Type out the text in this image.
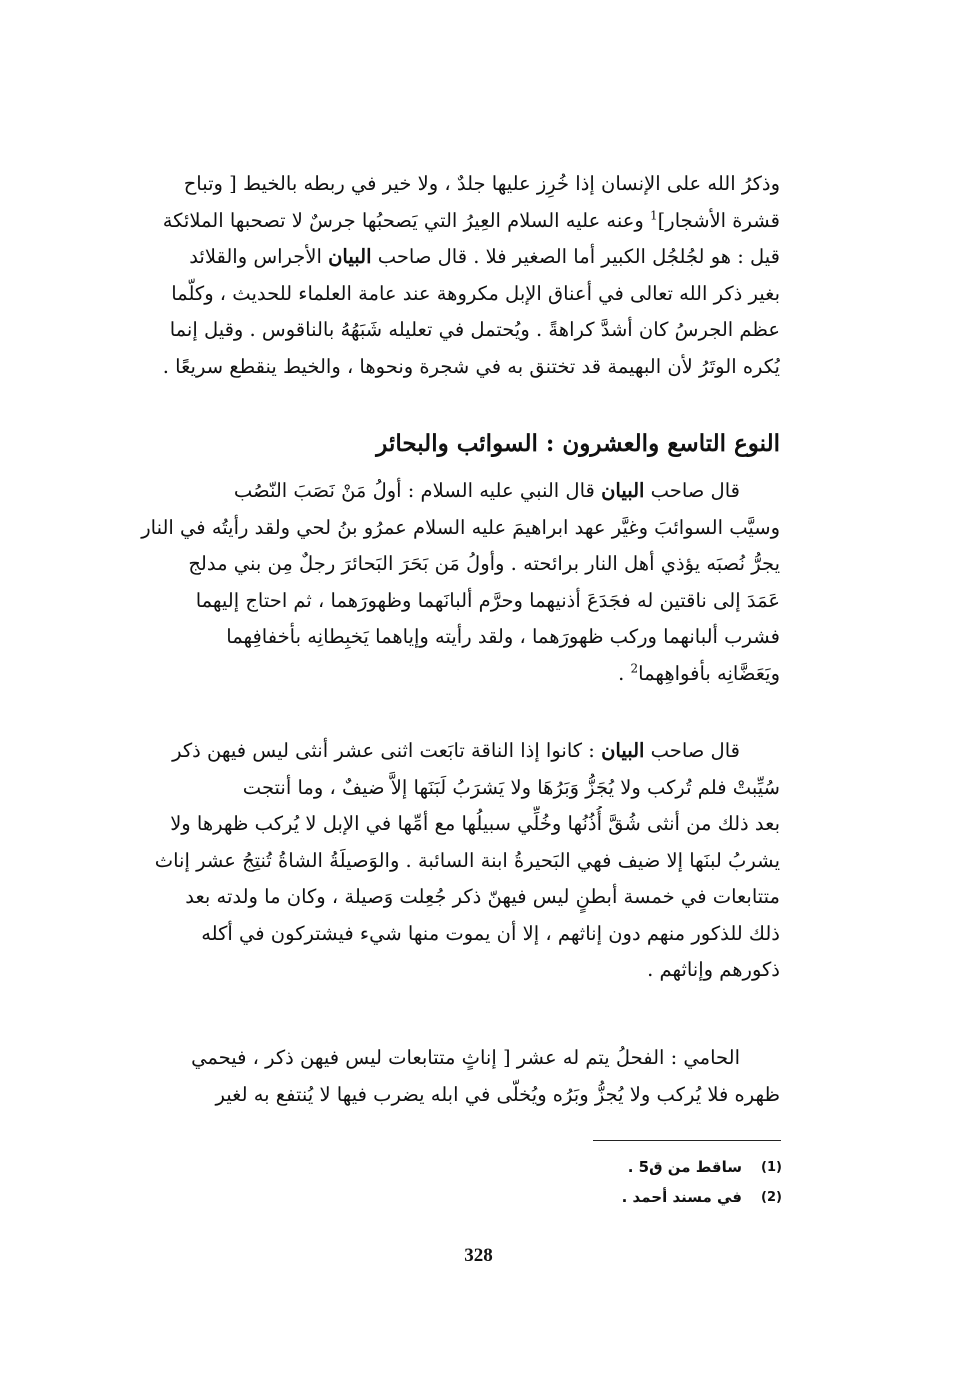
وذكرُ الله على الإنسان إذا خُرِز عليها جلدٌ ، ولا خير في ربطه بالخيط [ وتباح
قشرة الأشجار]$^1$ وعنه عليه السلام العِيرُ التي يَصحبُها جرسٌ لا تصحبها الملائكة
قيل : هو لجُلجُل الكبير أما الصغير فلا . قال صاحب البيان الأجراس والقلائد
بغير ذكر الله تعالى في أعناق الإبل مكروهة عند عامة العلماء للحديث ، وكلّما
عظم الجرسُ كان أشدَّ كراهةً . ويُحتمل في تعليله شَبَهُهُ بالناقوس . وقيل إنما
يُكره الوتَرُ لأن البهيمة قد تختنق به في شجرة ونحوها ، والخيط ينقطع سريعًا .
النوع التاسع والعشرون : السوائب والبحائر
قال صاحب البيان قال النبي عليه السلام : أولُ مَنْ نَصَبَ النّصُب
وسيَّب السوائبَ وغيَّر عهد ابراهيمَ عليه السلام عمرُو بنُ لحي ولقد رأيتُه في النار
يجرُّ نُصبَه يؤذي أهل النار برائحته . وأولُ مَن بَحَرَ البَحائرَ رجلٌ مِن بني مدلج
عَمَدَ إلى ناقتين له فجَدَعَ أذنيهما وحرَّم ألبانَهما وظهورَهما ، ثم احتاج إليهما
فشرب ألبانهما وركب ظهورَهما ، ولقد رأيته وإياهما يَخبِطانِه بأخفافِهما
ويَعَضَّانِه بأفواهِهما$^2$ .
قال صاحب البيان : كانوا إذا الناقة تابَعت اثنى عشر أنثى ليس فيهن ذكر
سُيِّبتْ فلم تُركب ولا يُجَزُّ وَبَرُهَا ولا يَشرَبُ لَبَنَها إلاَّ ضيفٌ ، وما أنتجت
بعد ذلك من أنثى شُقَّ أُذُنُها وخُلِّي سبيلُها مع أمِّها في الإبل لا يُركب ظهرها ولا
يشربُ لبنَها إلا ضيف فهي البَحيرةُ ابنة السائبة . والوَصيلَةُ الشاةُ تُنتِجُ عشر إناث
متتابعات في خمسة أبطنٍ ليس فيهنّ ذكر جُعِلت وَصيلة ، وكان ما ولدته بعد
ذلك للذكور منهم دون إناثهم ، إلا أن يموت منها شيء فيشتركون في أكله
ذكورهم وإناثهم .
الحامي : الفحلُ يتم له عشر [ إناثٍ متتابعات ليس فيهن ذكر ، فيحمي
ظهره فلا يُركب ولا يُجزُّ وبَرُه ويُخلّى في ابله يضرب فيها لا يُنتفع به لغير
(1)
ساقط من ق5 .
(2)
في مسند أحمد .
328
